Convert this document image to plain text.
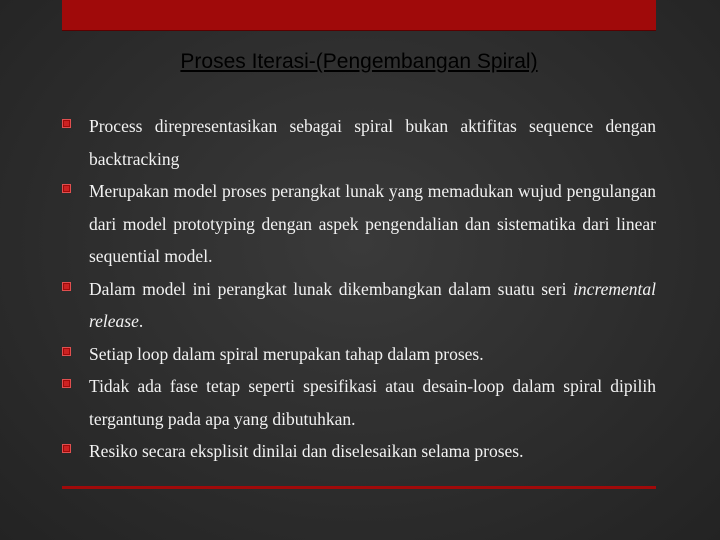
Proses Iterasi-(Pengembangan Spiral)
Process direpresentasikan sebagai spiral bukan aktifitas sequence dengan backtracking
Merupakan model proses perangkat lunak yang memadukan wujud pengulangan dari model prototyping dengan aspek pengendalian dan sistematika dari linear sequential model.
Dalam model ini perangkat lunak dikembangkan dalam suatu seri incremental release.
Setiap loop dalam spiral merupakan tahap dalam proses.
Tidak ada fase tetap seperti spesifikasi atau desain-loop dalam spiral dipilih tergantung pada apa yang dibutuhkan.
Resiko secara eksplisit dinilai dan diselesaikan selama proses.
